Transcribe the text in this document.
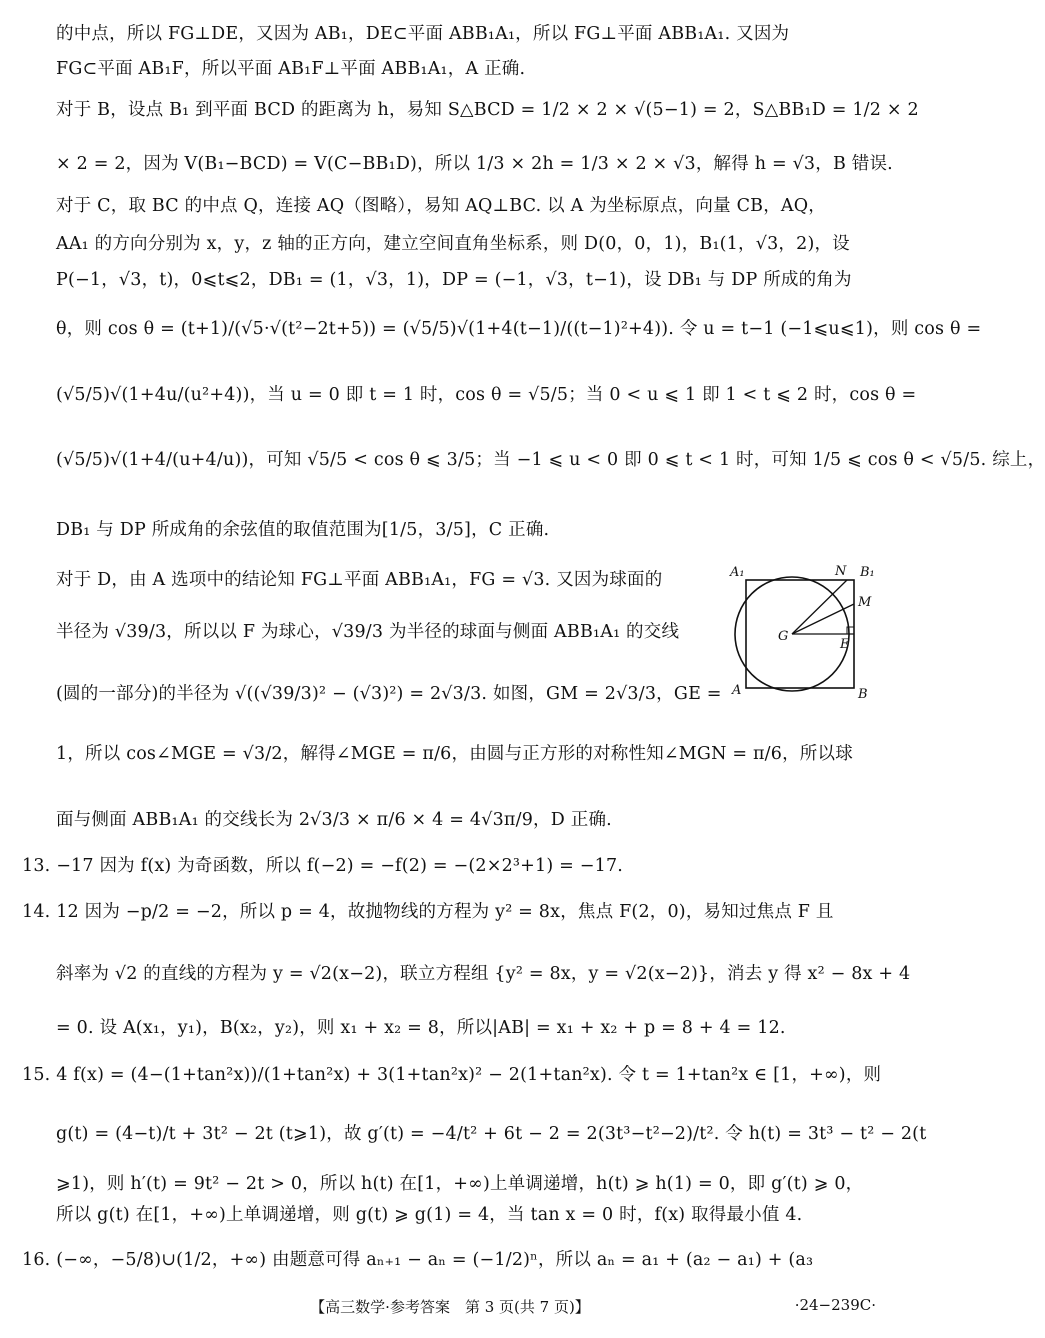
的中点，所以 FG⊥DE，又因为 AB₁，DE⊂平面 ABB₁A₁，所以 FG⊥平面 ABB₁A₁. 又因为
FG⊂平面 AB₁F，所以平面 AB₁F⊥平面 ABB₁A₁，A 正确.
对于 B，设点 B₁ 到平面 BCD 的距离为 h，易知 S△BCD = 1/2 × 2 × √(5−1) = 2，S△BB₁D = 1/2 × 2
× 2 = 2，因为 V(B₁−BCD) = V(C−BB₁D)，所以 1/3 × 2h = 1/3 × 2 × √3，解得 h = √3，B 错误.
对于 C，取 BC 的中点 Q，连接 AQ（图略），易知 AQ⊥BC. 以 A 为坐标原点，向量 CB，AQ，
AA₁ 的方向分别为 x，y，z 轴的正方向，建立空间直角坐标系，则 D(0，0，1)，B₁(1，√3，2)，设
P(−1，√3，t)，0⩽t⩽2，DB₁ = (1，√3，1)，DP = (−1，√3，t−1)，设 DB₁ 与 DP 所成的角为
θ，则 cos θ = (t+1)/(√5·√(t²−2t+5)) = (√5/5)√(1+4(t−1)/((t−1)²+4)). 令 u = t−1 (−1⩽u⩽1)，则 cos θ =
(√5/5)√(1+4u/(u²+4))，当 u = 0 即 t = 1 时，cos θ = √5/5；当 0 < u ⩽ 1 即 1 < t ⩽ 2 时，cos θ =
(√5/5)√(1+4/(u+4/u))，可知 √5/5 < cos θ ⩽ 3/5；当 −1 ⩽ u < 0 即 0 ⩽ t < 1 时，可知 1/5 ⩽ cos θ < √5/5. 综上，
DB₁ 与 DP 所成角的余弦值的取值范围为[1/5，3/5]，C 正确.
对于 D，由 A 选项中的结论知 FG⊥平面 ABB₁A₁，FG = √3. 又因为球面的
半径为 √39/3，所以以 F 为球心，√39/3 为半径的球面与侧面 ABB₁A₁ 的交线
(圆的一部分)的半径为 √((√39/3)² − (√3)²) = 2√3/3. 如图，GM = 2√3/3，GE =
1，所以 cos∠MGE = √3/2，解得∠MGE = π/6，由圆与正方形的对称性知∠MGN = π/6，所以球
面与侧面 ABB₁A₁ 的交线长为 2√3/3 × π/6 × 4 = 4√3π/9，D 正确.
13. −17 因为 f(x) 为奇函数，所以 f(−2) = −f(2) = −(2×2³+1) = −17.
14. 12 因为 −p/2 = −2，所以 p = 4，故抛物线的方程为 y² = 8x，焦点 F(2，0)，易知过焦点 F 且
斜率为 √2 的直线的方程为 y = √2(x−2)，联立方程组 {y² = 8x，y = √2(x−2)}，消去 y 得 x² − 8x + 4
= 0. 设 A(x₁，y₁)，B(x₂，y₂)，则 x₁ + x₂ = 8，所以|AB| = x₁ + x₂ + p = 8 + 4 = 12.
15. 4 f(x) = (4−(1+tan²x))/(1+tan²x) + 3(1+tan²x)² − 2(1+tan²x). 令 t = 1+tan²x ∈ [1，+∞)，则
g(t) = (4−t)/t + 3t² − 2t (t⩾1)，故 g′(t) = −4/t² + 6t − 2 = 2(3t³−t²−2)/t². 令 h(t) = 3t³ − t² − 2(t
⩾1)，则 h′(t) = 9t² − 2t > 0，所以 h(t) 在[1，+∞)上单调递增，h(t) ⩾ h(1) = 0，即 g′(t) ⩾ 0，
所以 g(t) 在[1，+∞)上单调递增，则 g(t) ⩾ g(1) = 4，当 tan x = 0 时，f(x) 取得最小值 4.
16. (−∞，−5/8)∪(1/2，+∞) 由题意可得 aₙ₊₁ − aₙ = (−1/2)ⁿ，所以 aₙ = a₁ + (a₂ − a₁) + (a₃
A₁	N B₁
M
G
E
A	B
【高三数学·参考答案　第 3 页(共 7 页)】	·24−239C·
